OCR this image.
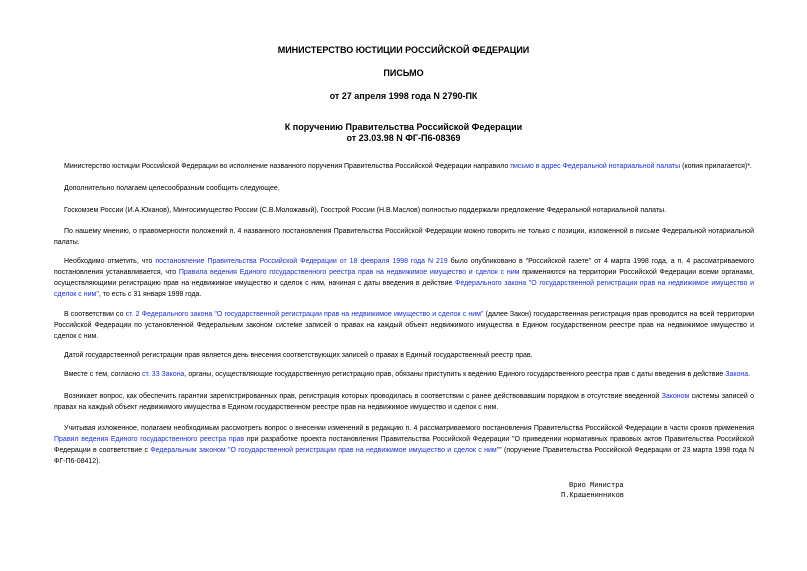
МИНИСТЕРСТВО ЮСТИЦИИ РОССИЙСКОЙ ФЕДЕРАЦИИ
ПИСЬМО
от 27 апреля 1998 года N 2790-ПК
К поручению Правительства Российской Федерации
от 23.03.98 N ФГ-П6-08369

Министерство юстиции Российской Федерации во исполнение названного поручения Правительства Российской Федерации направило письмо в адрес Федеральной нотариальной палаты (копия прилагается)*.

Дополнительно полагаем целесообразным сообщить следующее.

Госкомзем России (И.А.Юканов), Мингосимущество России (С.В.Моложавый), Госстрой России (Н.В.Маслов) полностью поддержали предложение Федеральной нотариальной палаты.

По нашему мнению, о правомерности положений п. 4 названного постановления Правительства Российской Федерации можно говорить не только с позиции, изложенной в письме Федеральной нотариальной палаты.

Необходимо отметить, что постановление Правительства Российской Федерации от 18 февраля 1998 года N 219 было опубликовано в "Российской газете" от 4 марта 1998 года, а п. 4 рассматриваемого постановления устанавливается, что Правила ведения Единого государственного реестра прав на недвижимое имущество и сделок с ним применяются на территории Российской Федерации всеми органами, осуществляющими регистрацию прав на недвижимое имущество и сделок с ним, начиная с даты введения в действие Федерального закона "О государственной регистрации прав на недвижимое имущество и сделок с ним", то есть с 31 января 1998 года.

В соответствии со ст. 2 Федерального закона "О государственной регистрации прав на недвижимое имущество и сделок с ним" (далее Закон) государственная регистрация прав проводится на всей территории Российской Федерации по установленной Федеральным законом системе записей о правах на каждый объект недвижимого имущества в Едином государственном реестре прав на недвижимое имущество и сделок с ним.

Датой государственной регистрации прав является день внесения соответствующих записей о правах в Единый государственный реестр прав.

Вместе с тем, согласно ст. 33 Закона, органы, осуществляющие государственную регистрацию прав, обязаны приступить к ведению Единого государственного реестра прав с даты введения в действие Закона.

Возникает вопрос, как обеспечить гарантии зарегистрированных прав, регистрация которых проводилась в соответствии с ранее действовавшим порядком в отсутствие введенной Законом системы записей о правах на каждый объект недвижимого имущества в Едином государственном реестре прав на недвижимое имущество и сделок с ним.

Учитывая изложенное, полагаем необходимым рассмотреть вопрос о внесении изменений в редакцию п. 4 рассматриваемого постановления Правительства Российской Федерации в части сроков применения Правил ведения Единого государственного реестра прав при разработке проекта постановления Правительства Российской Федерации "О приведении нормативных правовых актов Правительства Российской Федерации в соответствие с Федеральным законом "О государственной регистрации прав на недвижимое имущество и сделок с ним"" (поручение Правительства Российской Федерации от 23 марта 1998 года N ФГ-П6-08412).

Врио Министра
П.Крашенинников
